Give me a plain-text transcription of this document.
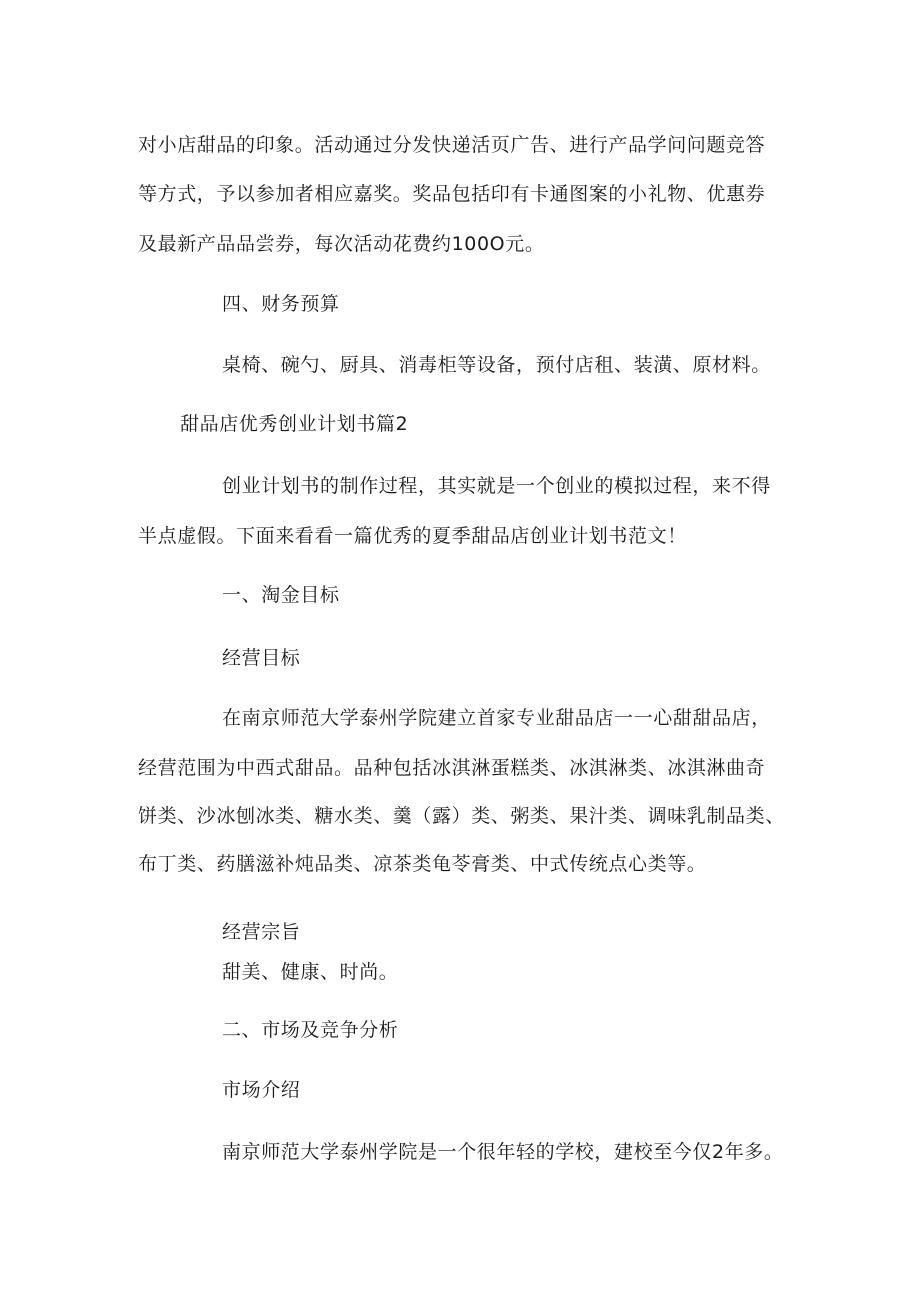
对小店甜品的印象。活动通过分发快递活页广告、进行产品学问问题竞答
等方式，予以参加者相应嘉奖。奖品包括印有卡通图案的小礼物、优惠券
及最新产品品尝券，每次活动花费约100O元。
四、财务预算
桌椅、碗勺、厨具、消毒柜等设备，预付店租、装潢、原材料。
甜品店优秀创业计划书篇2
创业计划书的制作过程，其实就是一个创业的模拟过程，来不得
半点虚假。下面来看看一篇优秀的夏季甜品店创业计划书范文！
一、淘金目标
经营目标
在南京师范大学泰州学院建立首家专业甜品店一一心甜甜品店，
经营范围为中西式甜品。品种包括冰淇淋蛋糕类、冰淇淋类、冰淇淋曲奇
饼类、沙冰刨冰类、糖水类、羹（露）类、粥类、果汁类、调味乳制品类、
布丁类、药膳滋补炖品类、凉茶类龟苓膏类、中式传统点心类等。
经营宗旨
甜美、健康、时尚。
二、市场及竞争分析
市场介绍
南京师范大学泰州学院是一个很年轻的学校，建校至今仅2年多。
